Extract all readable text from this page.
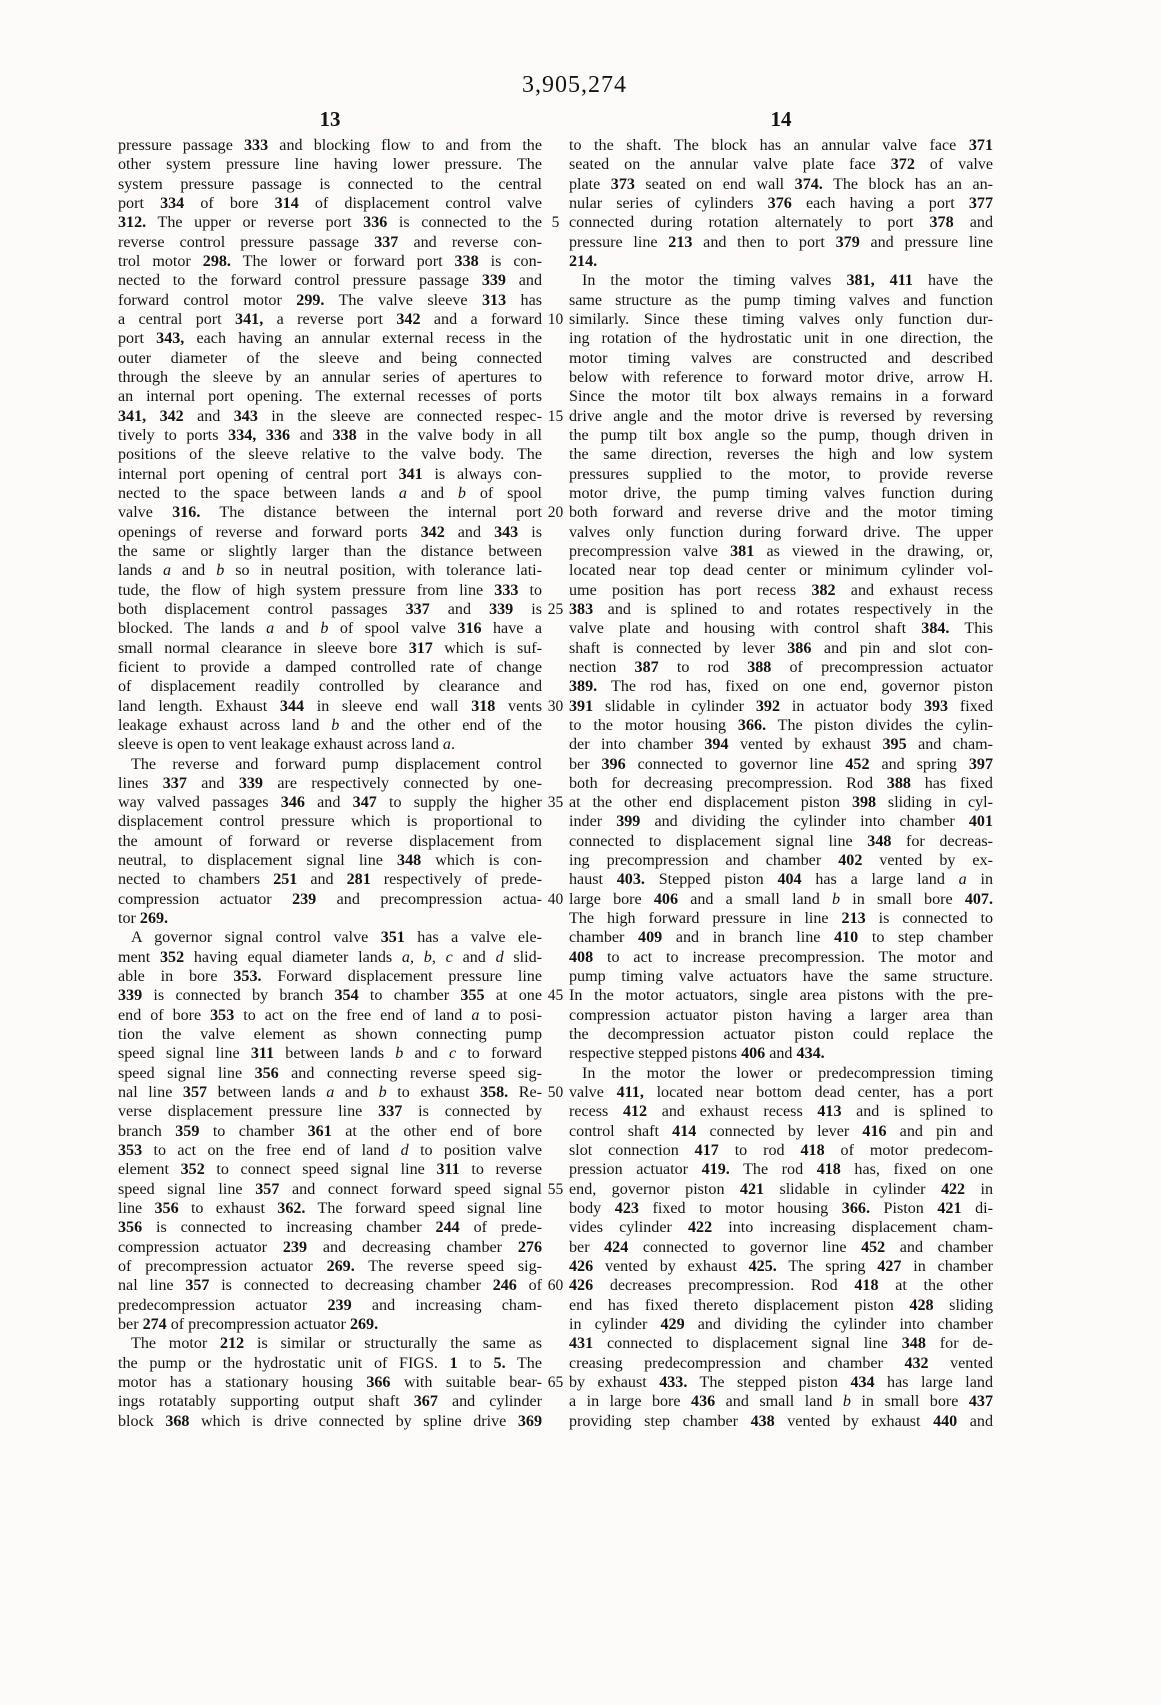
3,905,274
13	14
pressure passage 333 and blocking flow to and from the
other system pressure line having lower pressure. The
system pressure passage is connected to the central
port 334 of bore 314 of displacement control valve
312. The upper or reverse port 336 is connected to the
reverse control pressure passage 337 and reverse con-
trol motor 298. The lower or forward port 338 is con-
nected to the forward control pressure passage 339 and
forward control motor 299. The valve sleeve 313 has
a central port 341, a reverse port 342 and a forward
port 343, each having an annular external recess in the
outer diameter of the sleeve and being connected
through the sleeve by an annular series of apertures to
an internal port opening. The external recesses of ports
341, 342 and 343 in the sleeve are connected respec-
tively to ports 334, 336 and 338 in the valve body in all
positions of the sleeve relative to the valve body. The
internal port opening of central port 341 is always con-
nected to the space between lands a and b of spool
valve 316. The distance between the internal port
openings of reverse and forward ports 342 and 343 is
the same or slightly larger than the distance between
lands a and b so in neutral position, with tolerance lati-
tude, the flow of high system pressure from line 333 to
both displacement control passages 337 and 339 is
blocked. The lands a and b of spool valve 316 have a
small normal clearance in sleeve bore 317 which is suf-
ficient to provide a damped controlled rate of change
of displacement readily controlled by clearance and
land length. Exhaust 344 in sleeve end wall 318 vents
leakage exhaust across land b and the other end of the
sleeve is open to vent leakage exhaust across land a.
The reverse and forward pump displacement control
lines 337 and 339 are respectively connected by one-
way valved passages 346 and 347 to supply the higher
displacement control pressure which is proportional to
the amount of forward or reverse displacement from
neutral, to displacement signal line 348 which is con-
nected to chambers 251 and 281 respectively of prede-
compression actuator 239 and precompression actua-
tor 269.
A governor signal control valve 351 has a valve ele-
ment 352 having equal diameter lands a, b, c and d slid-
able in bore 353. Forward displacement pressure line
339 is connected by branch 354 to chamber 355 at one
end of bore 353 to act on the free end of land a to posi-
tion the valve element as shown connecting pump
speed signal line 311 between lands b and c to forward
speed signal line 356 and connecting reverse speed sig-
nal line 357 between lands a and b to exhaust 358. Re-
verse displacement pressure line 337 is connected by
branch 359 to chamber 361 at the other end of bore
353 to act on the free end of land d to position valve
element 352 to connect speed signal line 311 to reverse
speed signal line 357 and connect forward speed signal
line 356 to exhaust 362. The forward speed signal line
356 is connected to increasing chamber 244 of prede-
compression actuator 239 and decreasing chamber 276
of precompression actuator 269. The reverse speed sig-
nal line 357 is connected to decreasing chamber 246 of
predecompression actuator 239 and increasing cham-
ber 274 of precompression actuator 269.
The motor 212 is similar or structurally the same as
the pump or the hydrostatic unit of FIGS. 1 to 5. The
motor has a stationary housing 366 with suitable bear-
ings rotatably supporting output shaft 367 and cylinder
block 368 which is drive connected by spline drive 369
5
10
15
20
25
30
35
40
45
50
55
60
65
to the shaft. The block has an annular valve face 371
seated on the annular valve plate face 372 of valve
plate 373 seated on end wall 374. The block has an an-
nular series of cylinders 376 each having a port 377
connected during rotation alternately to port 378 and
pressure line 213 and then to port 379 and pressure line
214.
In the motor the timing valves 381, 411 have the
same structure as the pump timing valves and function
similarly. Since these timing valves only function dur-
ing rotation of the hydrostatic unit in one direction, the
motor timing valves are constructed and described
below with reference to forward motor drive, arrow H.
Since the motor tilt box always remains in a forward
drive angle and the motor drive is reversed by reversing
the pump tilt box angle so the pump, though driven in
the same direction, reverses the high and low system
pressures supplied to the motor, to provide reverse
motor drive, the pump timing valves function during
both forward and reverse drive and the motor timing
valves only function during forward drive. The upper
precompression valve 381 as viewed in the drawing, or,
located near top dead center or minimum cylinder vol-
ume position has port recess 382 and exhaust recess
383 and is splined to and rotates respectively in the
valve plate and housing with control shaft 384. This
shaft is connected by lever 386 and pin and slot con-
nection 387 to rod 388 of precompression actuator
389. The rod has, fixed on one end, governor piston
391 slidable in cylinder 392 in actuator body 393 fixed
to the motor housing 366. The piston divides the cylin-
der into chamber 394 vented by exhaust 395 and cham-
ber 396 connected to governor line 452 and spring 397
both for decreasing precompression. Rod 388 has fixed
at the other end displacement piston 398 sliding in cyl-
inder 399 and dividing the cylinder into chamber 401
connected to displacement signal line 348 for decreas-
ing precompression and chamber 402 vented by ex-
haust 403. Stepped piston 404 has a large land a in
large bore 406 and a small land b in small bore 407.
The high forward pressure in line 213 is connected to
chamber 409 and in branch line 410 to step chamber
408 to act to increase precompression. The motor and
pump timing valve actuators have the same structure.
In the motor actuators, single area pistons with the pre-
compression actuator piston having a larger area than
the decompression actuator piston could replace the
respective stepped pistons 406 and 434.
In the motor the lower or predecompression timing
valve 411, located near bottom dead center, has a port
recess 412 and exhaust recess 413 and is splined to
control shaft 414 connected by lever 416 and pin and
slot connection 417 to rod 418 of motor predecom-
pression actuator 419. The rod 418 has, fixed on one
end, governor piston 421 slidable in cylinder 422 in
body 423 fixed to motor housing 366. Piston 421 di-
vides cylinder 422 into increasing displacement cham-
ber 424 connected to governor line 452 and chamber
426 vented by exhaust 425. The spring 427 in chamber
426 decreases precompression. Rod 418 at the other
end has fixed thereto displacement piston 428 sliding
in cylinder 429 and dividing the cylinder into chamber
431 connected to displacement signal line 348 for de-
creasing predecompression and chamber 432 vented
by exhaust 433. The stepped piston 434 has large land
a in large bore 436 and small land b in small bore 437
providing step chamber 438 vented by exhaust 440 and
